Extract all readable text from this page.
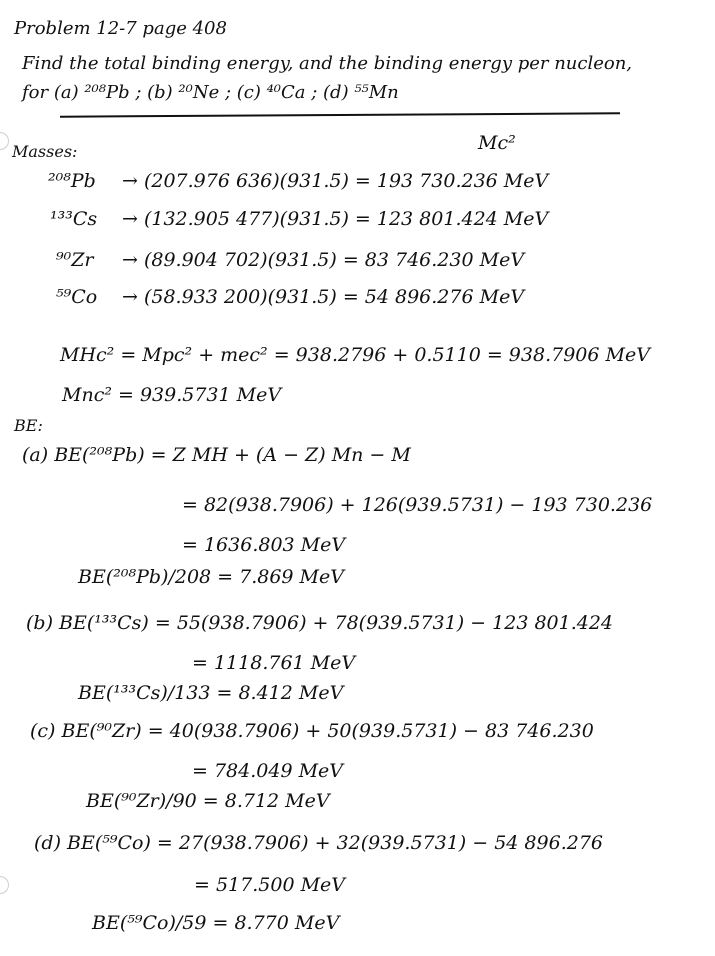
Problem 12-7 page 408
Find the total binding energy, and the binding energy per nucleon,
for (a) ²⁰⁸Pb ; (b) ²⁰Ne ; (c) ⁴⁰Ca ; (d) ⁵⁵Mn
Masses:	Mc²
²⁰⁸Pb → (207.976 636)(931.5) = 193 730.236 MeV
¹³³Cs → (132.905 477)(931.5) = 123 801.424 MeV
⁹⁰Zr → (89.904 702)(931.5) = 83 746.230 MeV
⁵⁹Co → (58.933 200)(931.5) = 54 896.276 MeV
MHc² = Mpc² + mec² = 938.2796 + 0.5110 = 938.7906 MeV
Mnc² = 939.5731 MeV
BE:
(a) BE(²⁰⁸Pb) = Z MH + (A − Z) Mn − M
= 82(938.7906) + 126(939.5731) − 193 730.236
= 1636.803 MeV
BE(²⁰⁸Pb)/208 = 7.869 MeV
(b) BE(¹³³Cs) = 55(938.7906) + 78(939.5731) − 123 801.424
= 1118.761 MeV
BE(¹³³Cs)/133 = 8.412 MeV
(c) BE(⁹⁰Zr) = 40(938.7906) + 50(939.5731) − 83 746.230
= 784.049 MeV
BE(⁹⁰Zr)/90 = 8.712 MeV
(d) BE(⁵⁹Co) = 27(938.7906) + 32(939.5731) − 54 896.276
= 517.500 MeV
BE(⁵⁹Co)/59 = 8.770 MeV
